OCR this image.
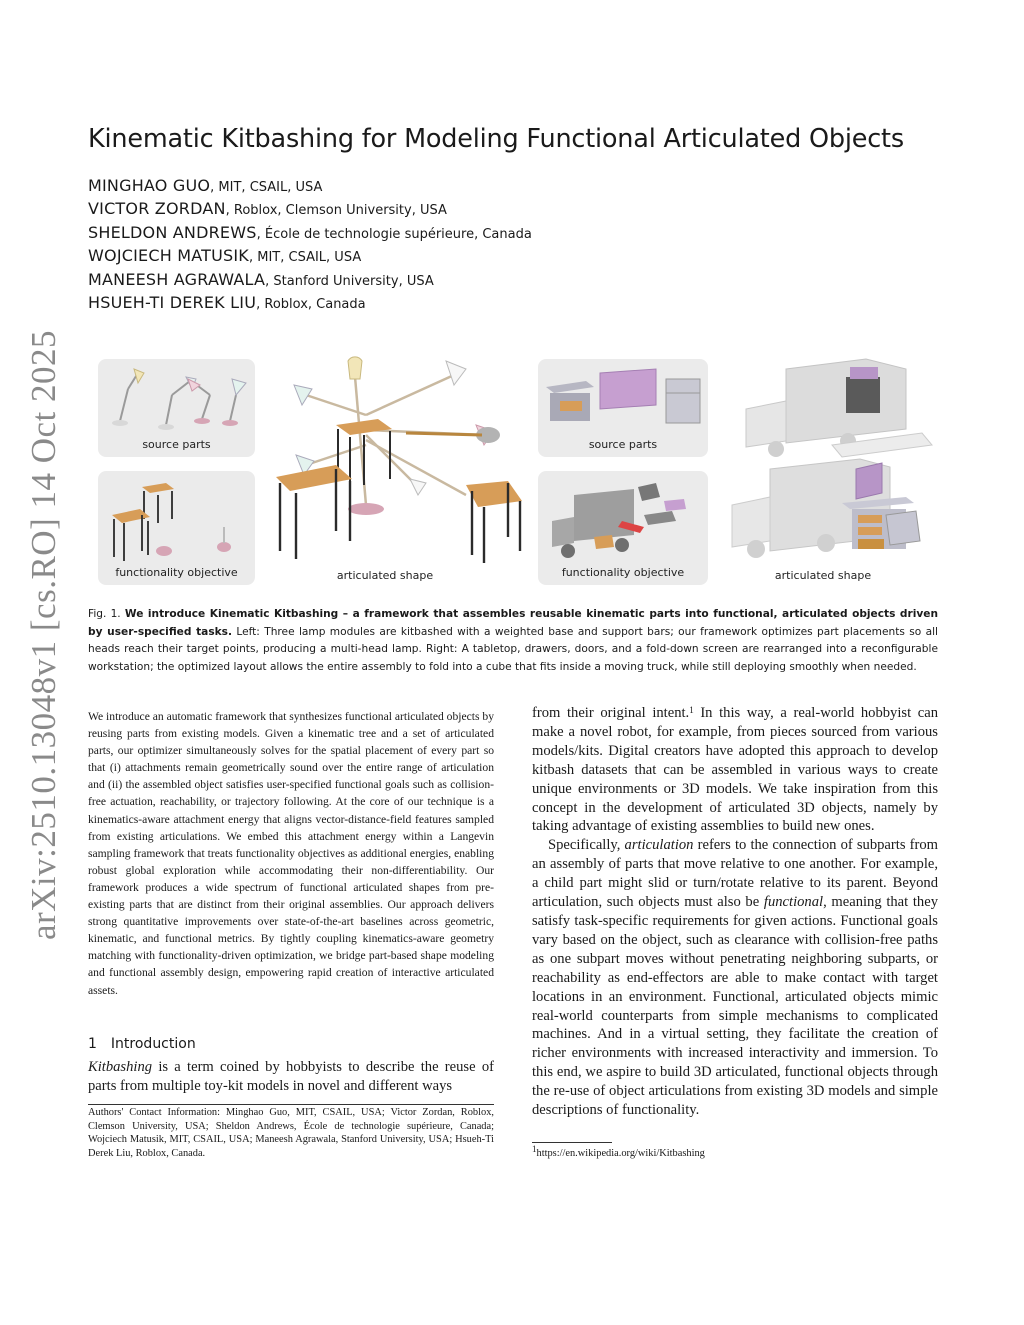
arXiv:2510.13048v1 [cs.RO] 14 Oct 2025
Kinematic Kitbashing for Modeling Functional Articulated Objects
MINGHAO GUO, MIT, CSAIL, USA
VICTOR ZORDAN, Roblox, Clemson University, USA
SHELDON ANDREWS, École de technologie supérieure, Canada
WOJCIECH MATUSIK, MIT, CSAIL, USA
MANEESH AGRAWALA, Stanford University, USA
HSUEH-TI DEREK LIU, Roblox, Canada
source parts
functionality objective	articulated shape
source parts
functionality objective	articulated shape
Fig. 1. We introduce Kinematic Kitbashing – a framework that assembles reusable kinematic parts into functional, articulated objects driven by user-specified tasks. Left: Three lamp modules are kitbashed with a weighted base and support bars; our framework optimizes part placements so all heads reach their target points, producing a multi-head lamp. Right: A tabletop, drawers, doors, and a fold-down screen are rearranged into a reconfigurable workstation; the optimized layout allows the entire assembly to fold into a cube that fits inside a moving truck, while still deploying smoothly when needed.
We introduce an automatic framework that synthesizes functional articulated objects by reusing parts from existing models. Given a kinematic tree and a set of articulated parts, our optimizer simultaneously solves for the spatial placement of every part so that (i) attachments remain geometrically sound over the entire range of articulation and (ii) the assembled object satisfies user-specified functional goals such as collision-free actuation, reachability, or trajectory following. At the core of our technique is a kinematics-aware attachment energy that aligns vector-distance-field features sampled from existing articulations. We embed this attachment energy within a Langevin sampling framework that treats functionality objectives as additional energies, enabling robust global exploration while accommodating their non-differentiability. Our framework produces a wide spectrum of functional articulated shapes from pre-existing parts that are distinct from their original assemblies. Our approach delivers strong quantitative improvements over state-of-the-art baselines across geometric, kinematic, and functional metrics. By tightly coupling kinematics-aware geometry matching with functionality-driven optimization, we bridge part-based shape modeling and functional assembly design, empowering rapid creation of interactive articulated assets.
1 Introduction
Kitbashing is a term coined by hobbyists to describe the reuse of parts from multiple toy-kit models in novel and different ways
Authors' Contact Information: Minghao Guo, MIT, CSAIL, USA; Victor Zordan, Roblox, Clemson University, USA; Sheldon Andrews, École de technologie supérieure, Canada; Wojciech Matusik, MIT, CSAIL, USA; Maneesh Agrawala, Stanford University, USA; Hsueh-Ti Derek Liu, Roblox, Canada.

from their original intent.$^1$ In this way, a real-world hobbyist can make a novel robot, for example, from pieces sourced from various models/kits. Digital creators have adopted this approach to develop kitbash datasets that can be assembled in various ways to create unique environments or 3D models. We take inspiration from this concept in the development of articulated 3D objects, namely by taking advantage of existing assemblies to build new ones.

Specifically, articulation refers to the connection of subparts from an assembly of parts that move relative to one another. For example, a child part might slid or turn/rotate relative to its parent. Beyond articulation, such objects must also be functional, meaning that they satisfy task-specific requirements for given actions. Functional goals vary based on the object, such as clearance with collision-free paths as one subpart moves without penetrating neighboring subparts, or reachability as end-effectors are able to make contact with target locations in an environment. Functional, articulated objects mimic real-world counterparts from simple mechanisms to complicated machines. And in a virtual setting, they facilitate the creation of richer environments with increased interactivity and immersion. To this end, we aspire to build 3D articulated, functional objects through the re-use of object articulations from existing 3D models and simple descriptions of functionality.

$^1$https://en.wikipedia.org/wiki/Kitbashing
